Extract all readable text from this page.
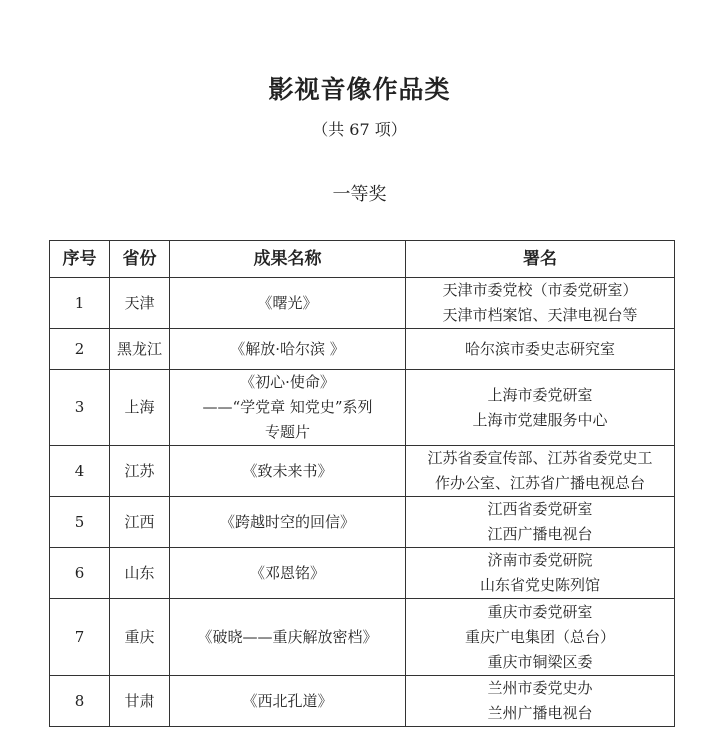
影视音像作品类
（共 67 项）
一等奖
序号	省份	成果名称	署名
1	天津	《曙光》	天津市委党校（市委党研室）
天津市档案馆、天津电视台等

2	黑龙江	《解放·哈尔滨 》	哈尔滨市委史志研究室

3	上海	《初心·使命》
——“学党章 知党史”系列
专题片	上海市委党研室
上海市党建服务中心

4	江苏	《致未来书》	江苏省委宣传部、江苏省委党史工
作办公室、江苏省广播电视总台

5	江西	《跨越时空的回信》	江西省委党研室
江西广播电视台

6	山东	《邓恩铭》	济南市委党研院
山东省党史陈列馆

7	重庆	《破晓——重庆解放密档》	重庆市委党研室
重庆广电集团（总台）
重庆市铜梁区委

8	甘肃	《西北孔道》	兰州市委党史办
兰州广播电视台
